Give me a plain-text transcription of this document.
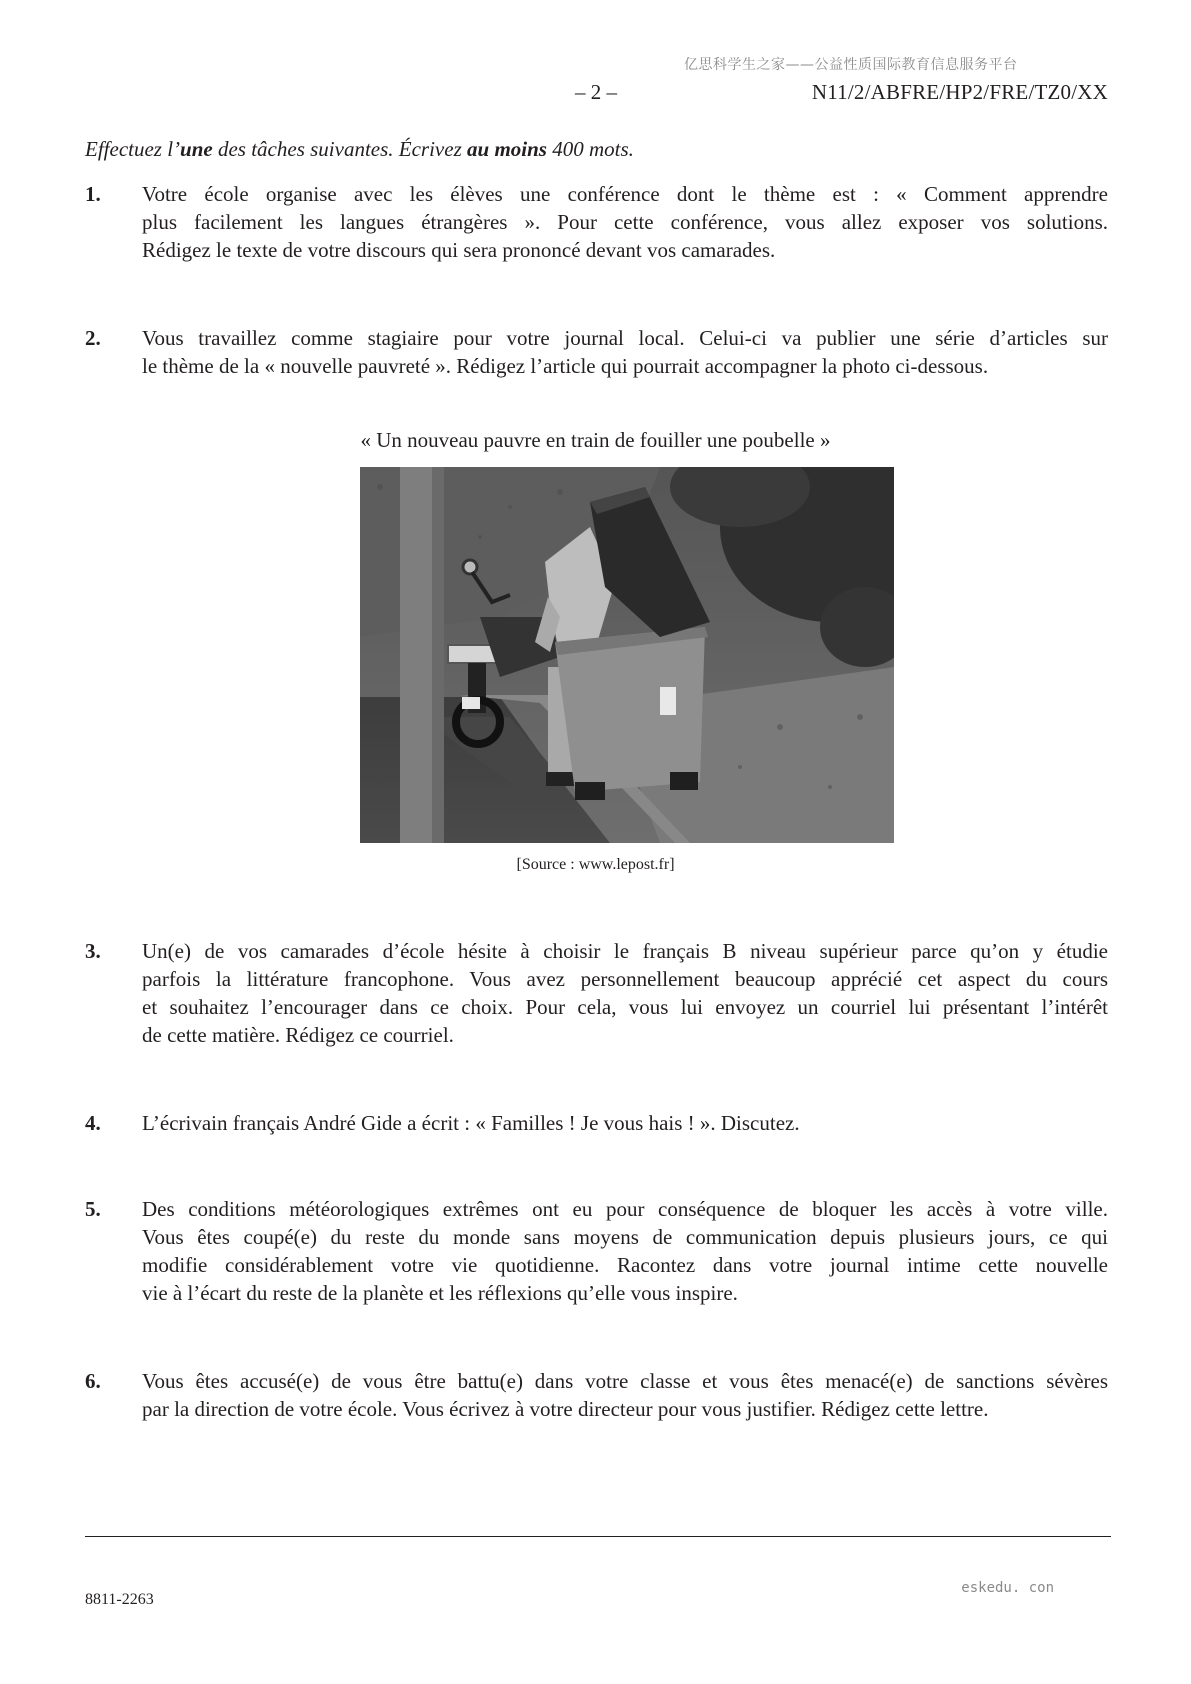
亿思科学生之家——公益性质国际教育信息服务平台
– 2 –	N11/2/ABFRE/HP2/FRE/TZ0/XX
Effectuez l’une des tâches suivantes. Écrivez au moins 400 mots.
1. Votre école organise avec les élèves une conférence dont le thème est : « Comment apprendre
plus facilement les langues étrangères ». Pour cette conférence, vous allez exposer vos solutions.
Rédigez le texte de votre discours qui sera prononcé devant vos camarades.
2. Vous travaillez comme stagiaire pour votre journal local. Celui-ci va publier une série d’articles sur
le thème de la « nouvelle pauvreté ». Rédigez l’article qui pourrait accompagner la photo ci-dessous.
« Un nouveau pauvre en train de fouiller une poubelle »
[Source : www.lepost.fr]
3. Un(e) de vos camarades d’école hésite à choisir le français B niveau supérieur parce qu’on y étudie
parfois la littérature francophone. Vous avez personnellement beaucoup apprécié cet aspect du cours
et souhaitez l’encourager dans ce choix. Pour cela, vous lui envoyez un courriel lui présentant l’intérêt
de cette matière. Rédigez ce courriel.
4. L’écrivain français André Gide a écrit : « Familles ! Je vous hais ! ». Discutez.
5. Des conditions météorologiques extrêmes ont eu pour conséquence de bloquer les accès à votre ville.
Vous êtes coupé(e) du reste du monde sans moyens de communication depuis plusieurs jours, ce qui
modifie considérablement votre vie quotidienne. Racontez dans votre journal intime cette nouvelle
vie à l’écart du reste de la planète et les réflexions qu’elle vous inspire.
6. Vous êtes accusé(e) de vous être battu(e) dans votre classe et vous êtes menacé(e) de sanctions sévères
par la direction de votre école. Vous écrivez à votre directeur pour vous justifier. Rédigez cette lettre.
eskedu. con
8811-2263
